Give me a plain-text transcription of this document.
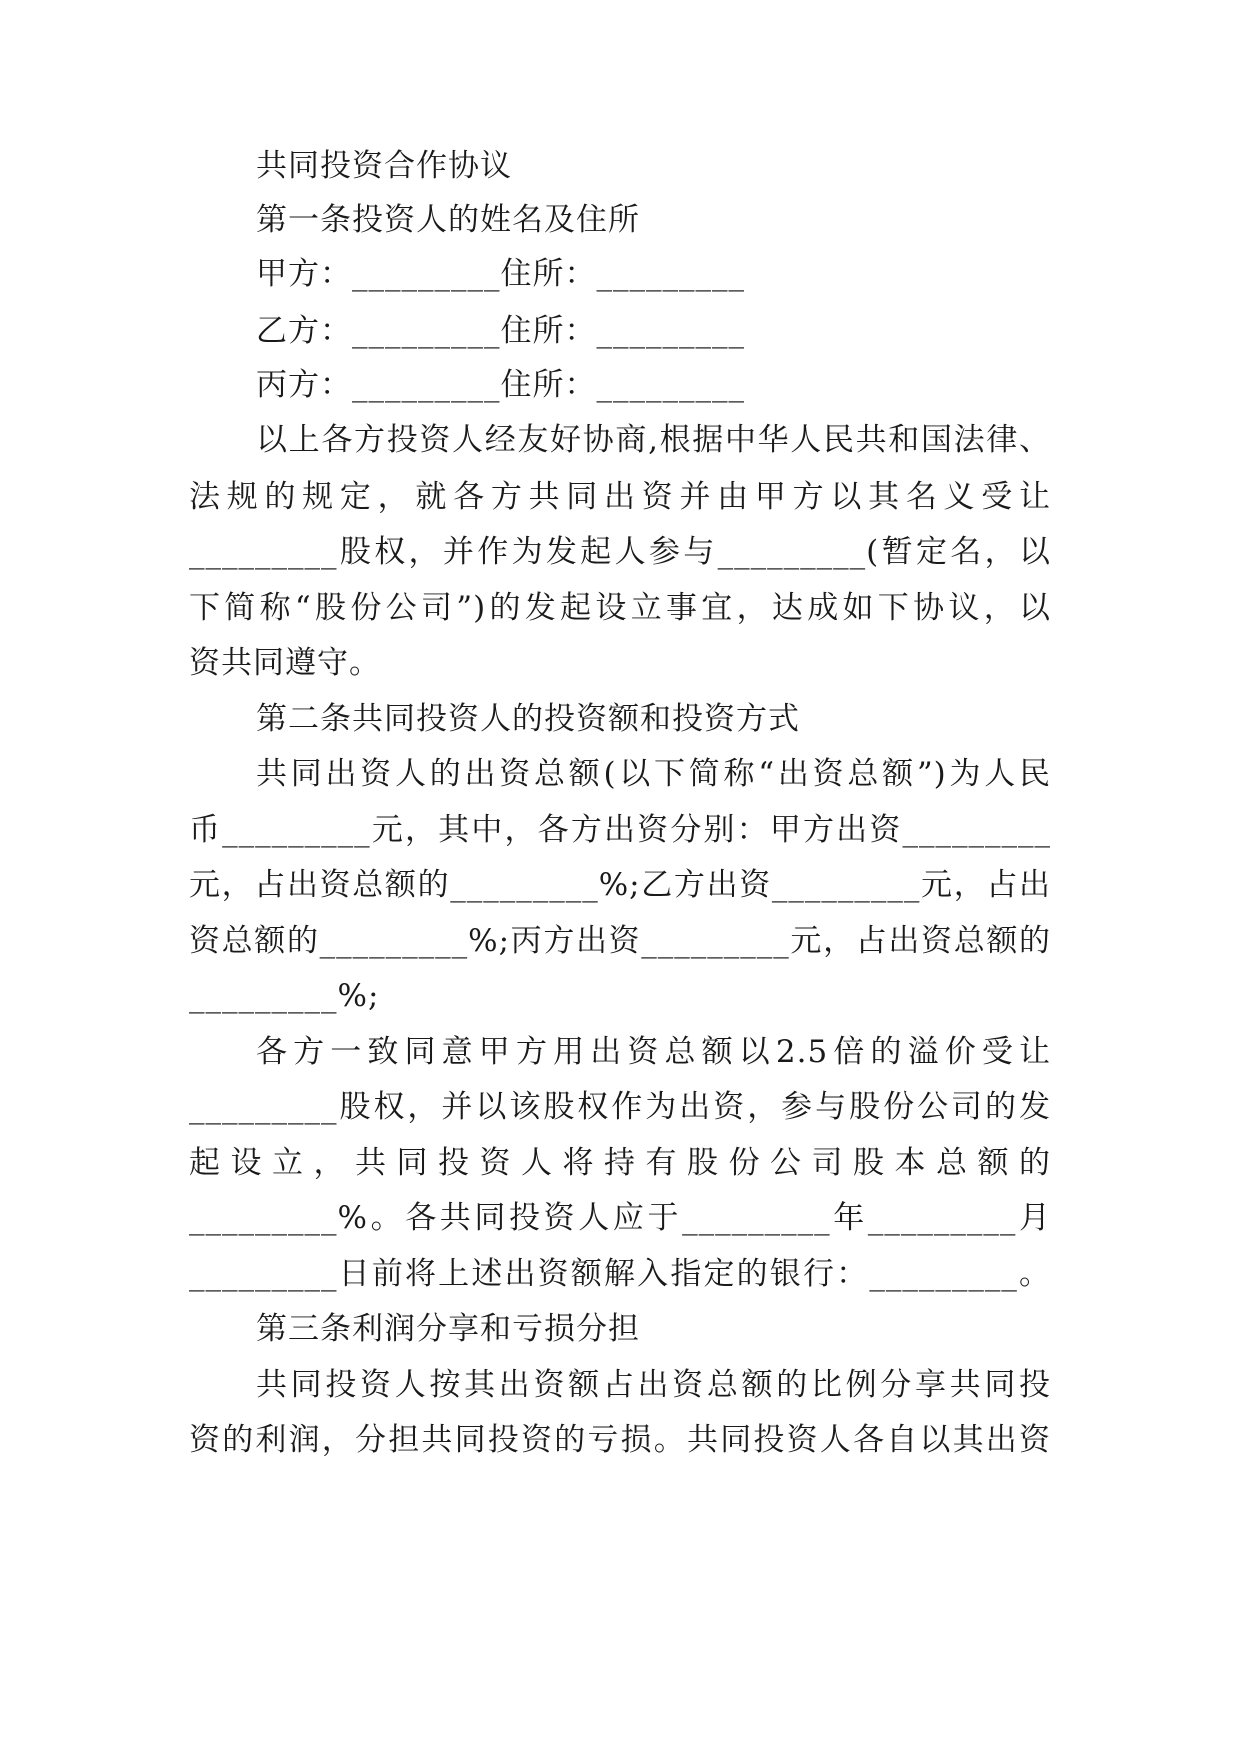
共同投资合作协议
第一条投资人的姓名及住所
甲方：_________住所：_________
乙方：_________住所：_________
丙方：_________住所：_________
以上各方投资人经友好协商,根据中华人民共和国法律、
法规的规定，就各方共同出资并由甲方以其名义受让
_________股权，并作为发起人参与_________(暂定名，以
下简称“股份公司”)的发起设立事宜，达成如下协议，以
资共同遵守。
第二条共同投资人的投资额和投资方式
共同出资人的出资总额(以下简称“出资总额”)为人民
币_________元，其中，各方出资分别：甲方出资_________
元，占出资总额的_________%;乙方出资_________元，占出
资总额的_________%;丙方出资_________元，占出资总额的
_________%;
各方一致同意甲方用出资总额以2.5倍的溢价受让
_________股权，并以该股权作为出资，参与股份公司的发
起设立，共同投资人将持有股份公司股本总额的
_________%。各共同投资人应于_________年_________月
_________日前将上述出资额解入指定的银行：_________。
第三条利润分享和亏损分担
共同投资人按其出资额占出资总额的比例分享共同投
资的利润，分担共同投资的亏损。共同投资人各自以其出资
